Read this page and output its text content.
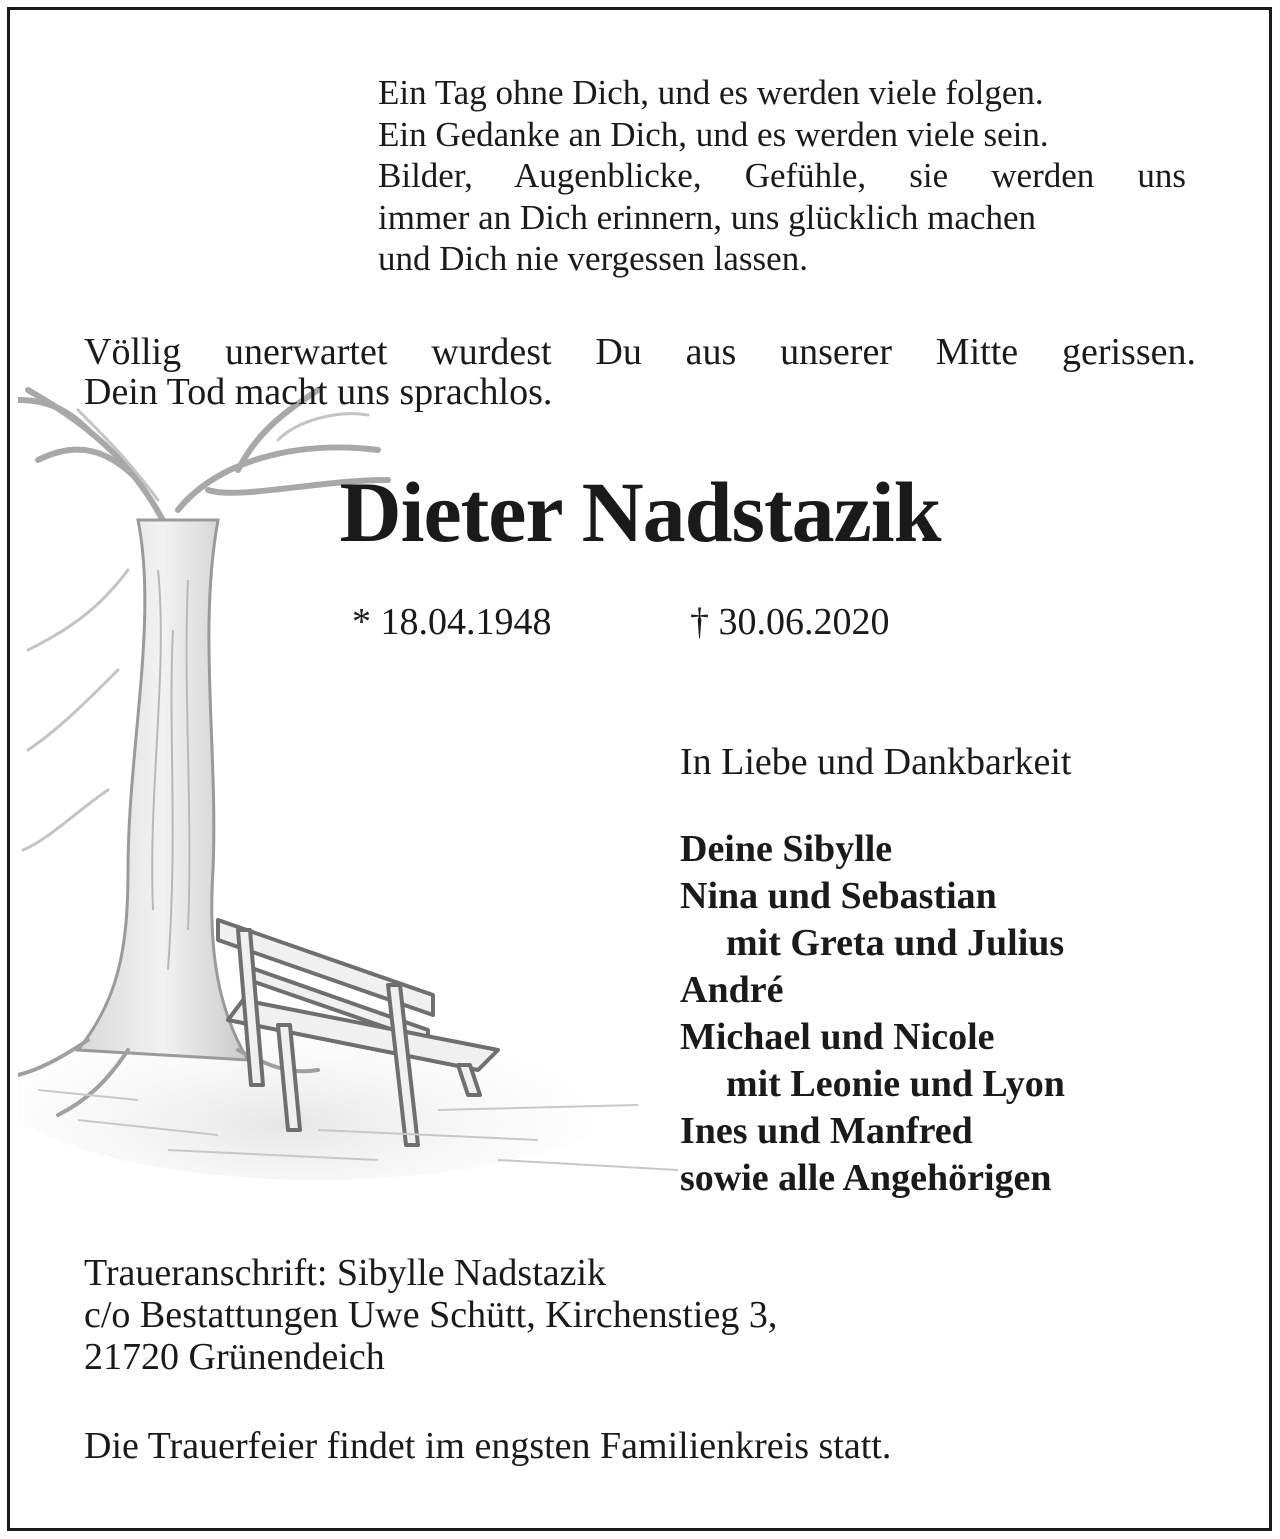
Ein Tag ohne Dich, und es werden viele folgen.
Ein Gedanke an Dich, und es werden viele sein.
Bilder, Augenblicke, Gefühle, sie werden uns
immer an Dich erinnern, uns glücklich machen
und Dich nie vergessen lassen.
Völlig unerwartet wurdest Du aus unserer Mitte gerissen.
Dein Tod macht uns sprachlos.
Dieter Nadstazik
* 18.04.1948	† 30.06.2020
In Liebe und Dankbarkeit
Deine Sibylle
Nina und Sebastian
mit Greta und Julius
André
Michael und Nicole
mit Leonie und Lyon
Ines und Manfred
sowie alle Angehörigen
Traueranschrift: Sibylle Nadstazik
c/o Bestattungen Uwe Schütt, Kirchenstieg 3,
21720 Grünendeich
Die Trauerfeier findet im engsten Familienkreis statt.
